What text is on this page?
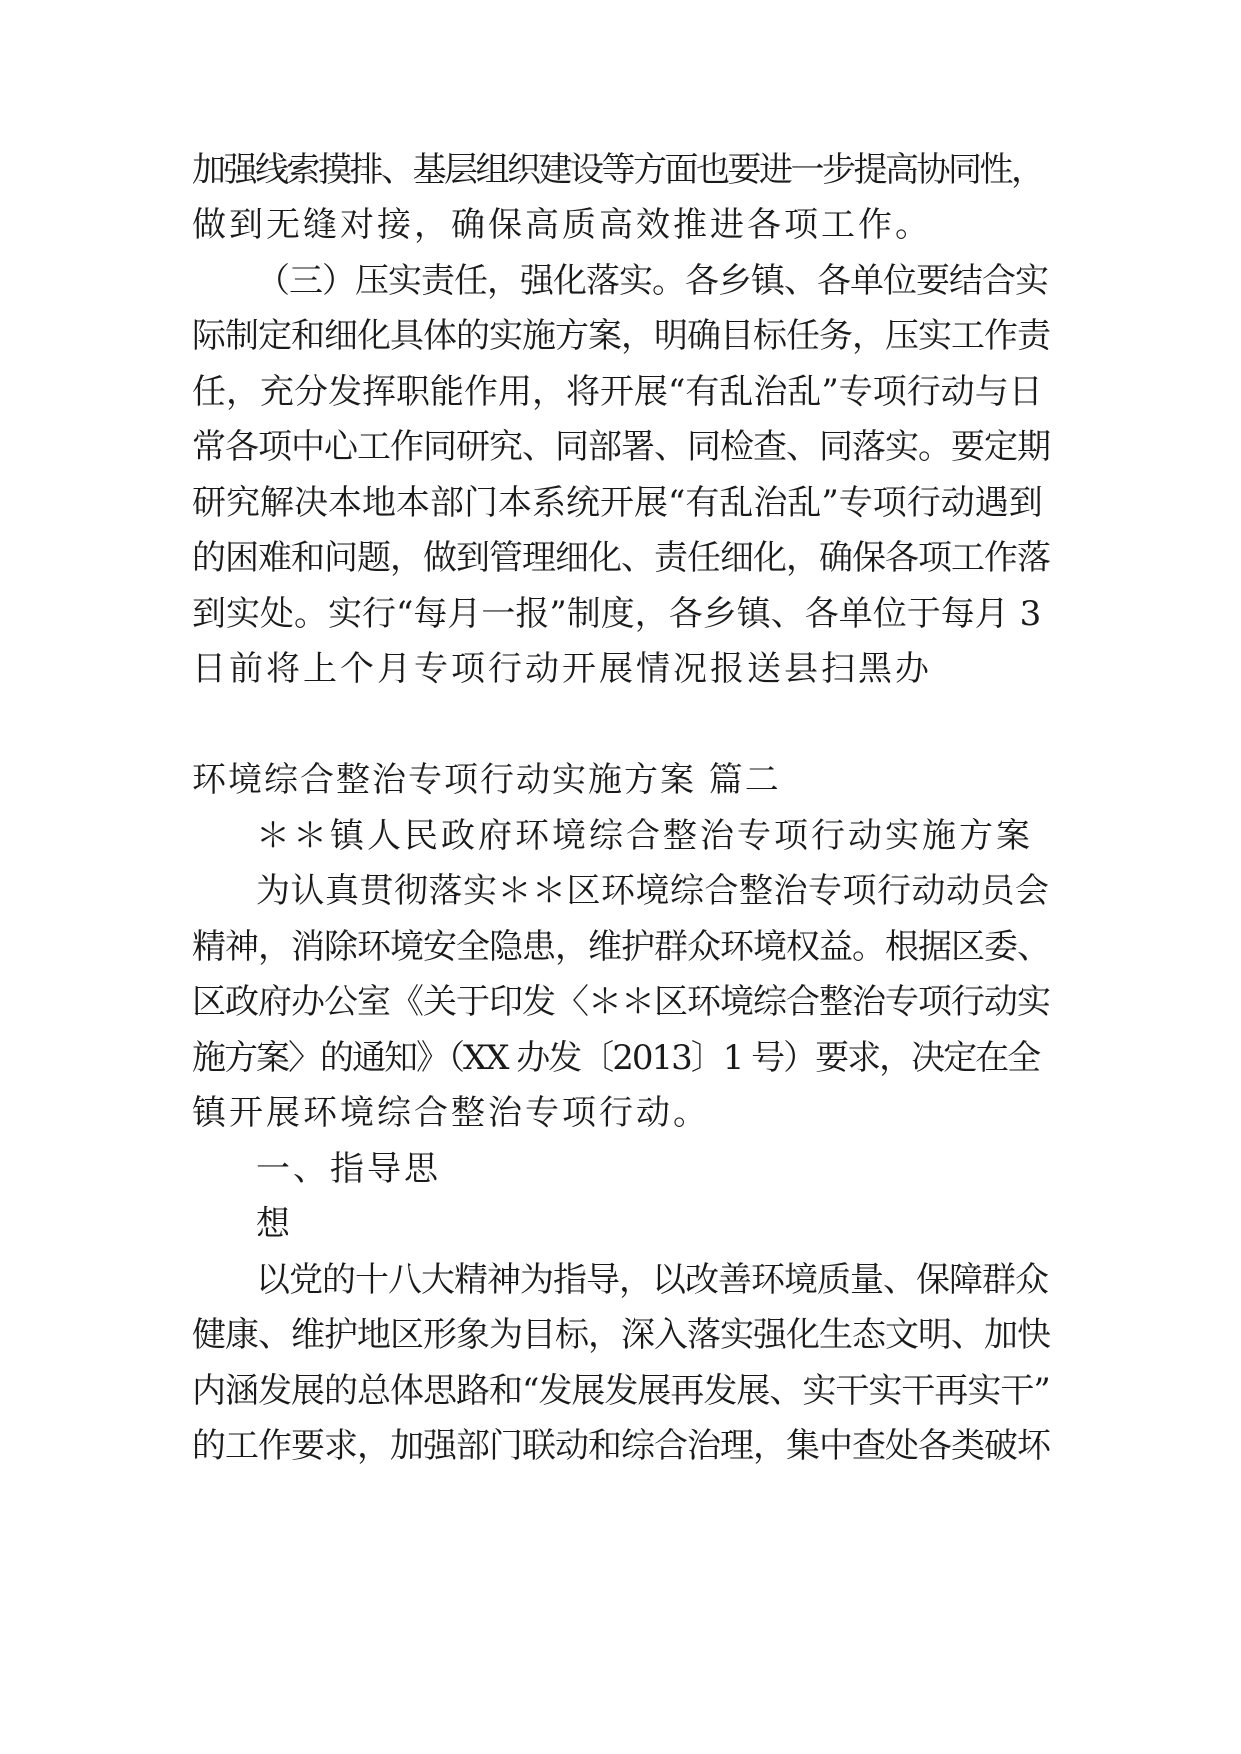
加强线索摸排、基层组织建设等方面也要进一步提高协同性，
做到无缝对接，确保高质高效推进各项工作。
（三）压实责任，强化落实。各乡镇、各单位要结合实
际制定和细化具体的实施方案，明确目标任务，压实工作责
任，充分发挥职能作用，将开展“有乱治乱”专项行动与日
常各项中心工作同研究、同部署、同检查、同落实。要定期
研究解决本地本部门本系统开展“有乱治乱”专项行动遇到
的困难和问题，做到管理细化、责任细化，确保各项工作落
到实处。实行“每月一报”制度，各乡镇、各单位于每月 3
日前将上个月专项行动开展情况报送县扫黑办
环境综合整治专项行动实施方案 篇二
＊＊镇人民政府环境综合整治专项行动实施方案
为认真贯彻落实＊＊区环境综合整治专项行动动员会
精神，消除环境安全隐患，维护群众环境权益。根据区委、
区政府办公室《关于印发〈＊＊区环境综合整治专项行动实
施方案〉的通知》（XX 办发〔2013〕1 号）要求，决定在全
镇开展环境综合整治专项行动。
一、指导思
想
以党的十八大精神为指导，以改善环境质量、保障群众
健康、维护地区形象为目标，深入落实强化生态文明、加快
内涵发展的总体思路和“发展发展再发展、实干实干再实干”
的工作要求，加强部门联动和综合治理，集中查处各类破坏
